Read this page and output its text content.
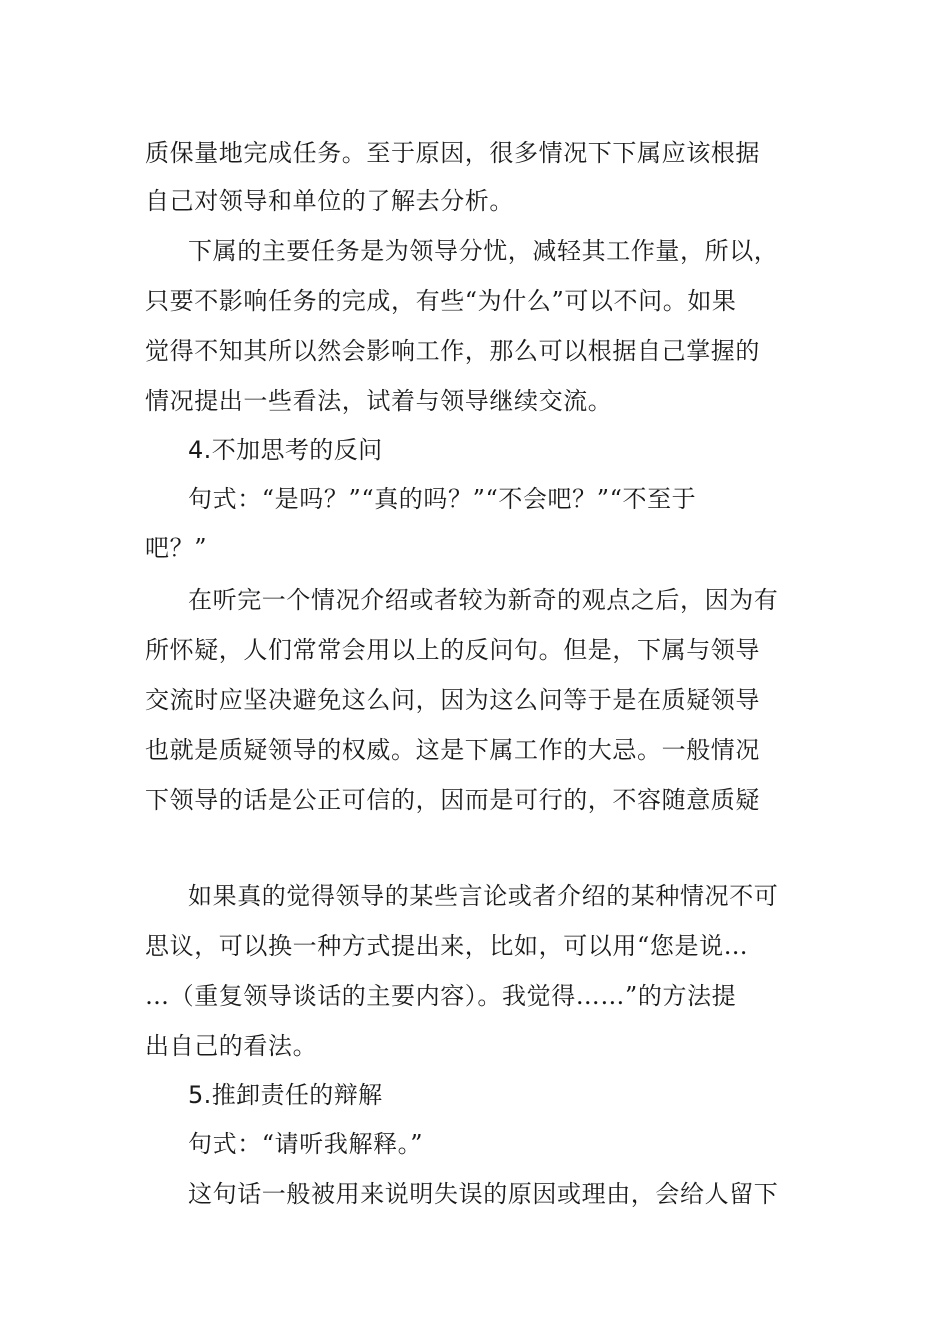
质保量地完成任务。至于原因，很多情况下下属应该根据
自己对领导和单位的了解去分析。
下属的主要任务是为领导分忧，减轻其工作量，所以，
只要不影响任务的完成，有些“为什么”可以不问。如果
觉得不知其所以然会影响工作，那么可以根据自己掌握的
情况提出一些看法，试着与领导继续交流。
4.不加思考的反问
句式：“是吗？”“真的吗？”“不会吧？”“不至于
吧？”
在听完一个情况介绍或者较为新奇的观点之后，因为有
所怀疑，人们常常会用以上的反问句。但是，下属与领导
交流时应坚决避免这么问，因为这么问等于是在质疑领导
也就是质疑领导的权威。这是下属工作的大忌。一般情况
下领导的话是公正可信的，因而是可行的，不容随意质疑
如果真的觉得领导的某些言论或者介绍的某种情况不可
思议，可以换一种方式提出来，比如，可以用“您是说…
…（重复领导谈话的主要内容）。我觉得……”的方法提
出自己的看法。
5.推卸责任的辩解
句式：“请听我解释。”
这句话一般被用来说明失误的原因或理由，会给人留下
